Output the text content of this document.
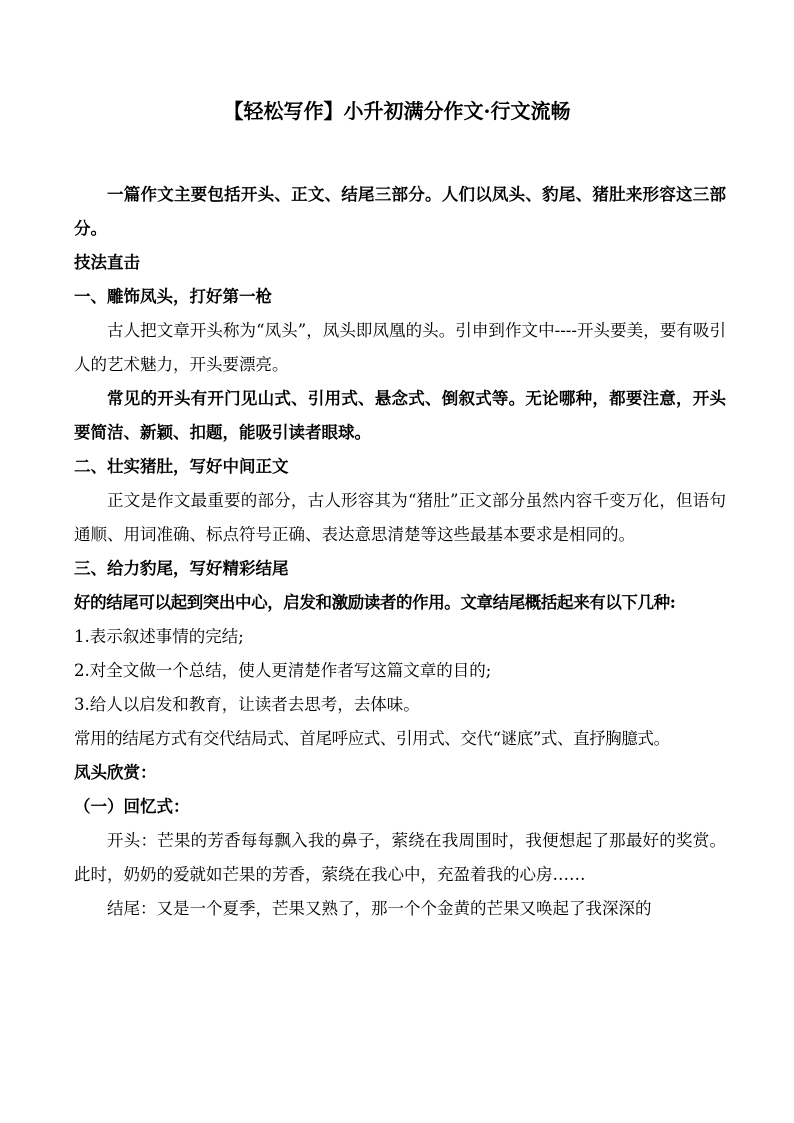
【轻松写作】小升初满分作文·行文流畅

一篇作文主要包括开头、正文、结尾三部分。人们以凤头、豹尾、猪肚来形容这三部分。

技法直击

一、雕饰凤头，打好第一枪

古人把文章开头称为“凤头”，凤头即凤凰的头。引申到作文中----开头要美，要有吸引人的艺术魅力，开头要漂亮。

常见的开头有开门见山式、引用式、悬念式、倒叙式等。无论哪种，都要注意，开头要简洁、新颖、扣题，能吸引读者眼球。

二、壮实猪肚，写好中间正文

正文是作文最重要的部分，古人形容其为“猪肚”正文部分虽然内容千变万化，但语句通顺、用词准确、标点符号正确、表达意思清楚等这些最基本要求是相同的。

三、给力豹尾，写好精彩结尾

好的结尾可以起到突出中心，启发和激励读者的作用。文章结尾概括起来有以下几种:

1.表示叙述事情的完结;

2.对全文做一个总结，使人更清楚作者写这篇文章的目的;

3.给人以启发和教育，让读者去思考，去体味。

常用的结尾方式有交代结局式、首尾呼应式、引用式、交代“谜底”式、直抒胸臆式。

凤头欣赏：

（一）回忆式：

开头：芒果的芳香每每飘入我的鼻子，萦绕在我周围时，我便想起了那最好的奖赏。此时，奶奶的爱就如芒果的芳香，萦绕在我心中，充盈着我的心房……

结尾：又是一个夏季，芒果又熟了，那一个个金黄的芒果又唤起了我深深的
